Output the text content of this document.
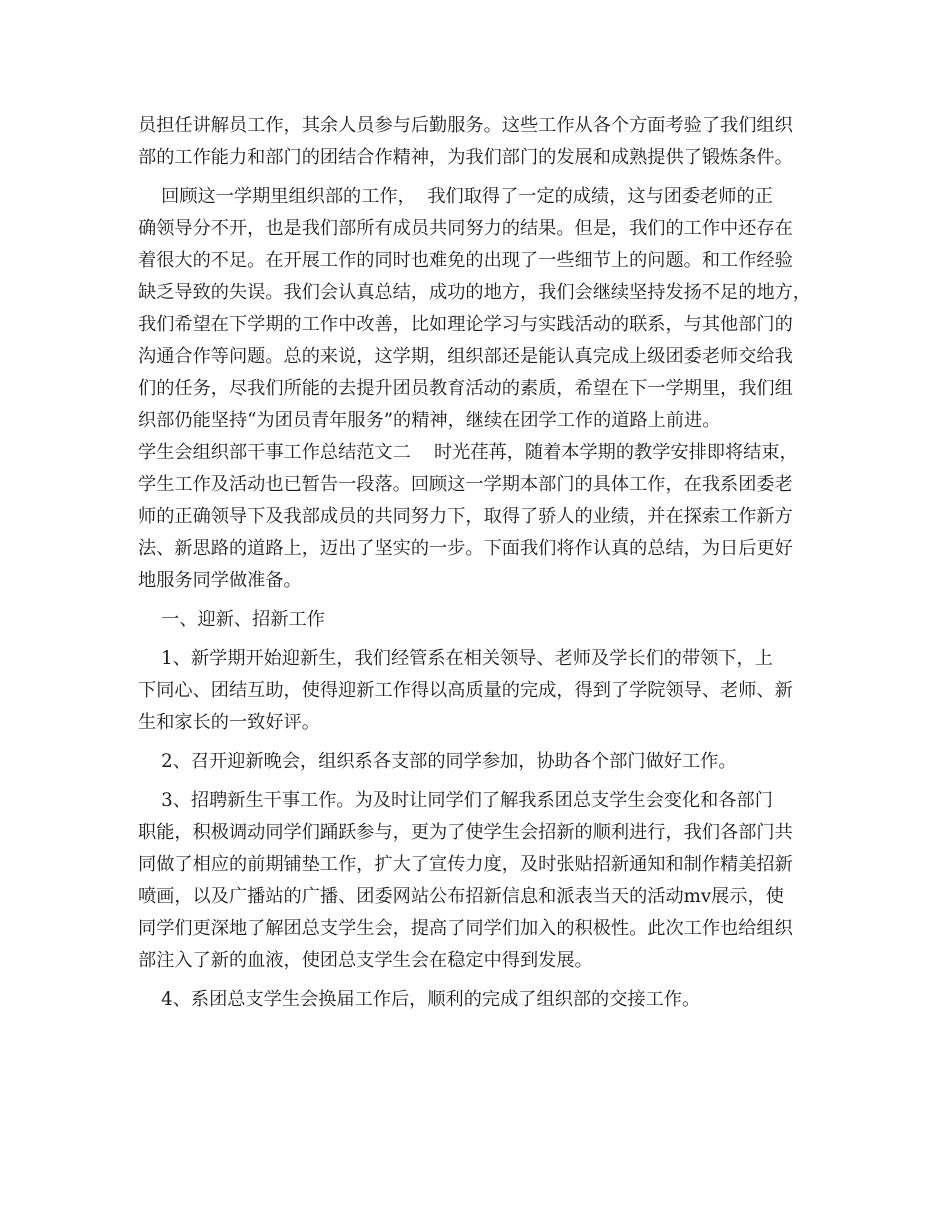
员担任讲解员工作，其余人员参与后勤服务。这些工作从各个方面考验了我们组织
部的工作能力和部门的团结合作精神，为我们部门的发展和成熟提供了锻炼条件。
回顾这一学期里组织部的工作，  我们取得了一定的成绩，这与团委老师的正
确领导分不开，也是我们部所有成员共同努力的结果。但是，我们的工作中还存在
着很大的不足。在开展工作的同时也难免的出现了一些细节上的问题。和工作经验
缺乏导致的失误。我们会认真总结，成功的地方，我们会继续坚持发扬不足的地方，
我们希望在下学期的工作中改善，比如理论学习与实践活动的联系，与其他部门的
沟通合作等问题。总的来说，这学期，组织部还是能认真完成上级团委老师交给我
们的任务，尽我们所能的去提升团员教育活动的素质，希望在下一学期里，我们组
织部仍能坚持“为团员青年服务”的精神，继续在团学工作的道路上前进。
学生会组织部干事工作总结范文二    时光荏苒，随着本学期的教学安排即将结束，
学生工作及活动也已暂告一段落。回顾这一学期本部门的具体工作，在我系团委老
师的正确领导下及我部成员的共同努力下，取得了骄人的业绩，并在探索工作新方
法、新思路的道路上，迈出了坚实的一步。下面我们将作认真的总结，为日后更好
地服务同学做准备。
一、迎新、招新工作
1、新学期开始迎新生，我们经管系在相关领导、老师及学长们的带领下，上
下同心、团结互助，使得迎新工作得以高质量的完成，得到了学院领导、老师、新
生和家长的一致好评。
2、召开迎新晚会，组织系各支部的同学参加，协助各个部门做好工作。
3、招聘新生干事工作。为及时让同学们了解我系团总支学生会变化和各部门
职能，积极调动同学们踊跃参与，更为了使学生会招新的顺利进行，我们各部门共
同做了相应的前期铺垫工作，扩大了宣传力度，及时张贴招新通知和制作精美招新
喷画，以及广播站的广播、团委网站公布招新信息和派表当天的活动mv展示，使
同学们更深地了解团总支学生会，提高了同学们加入的积极性。此次工作也给组织
部注入了新的血液，使团总支学生会在稳定中得到发展。
4、系团总支学生会换届工作后，顺利的完成了组织部的交接工作。
